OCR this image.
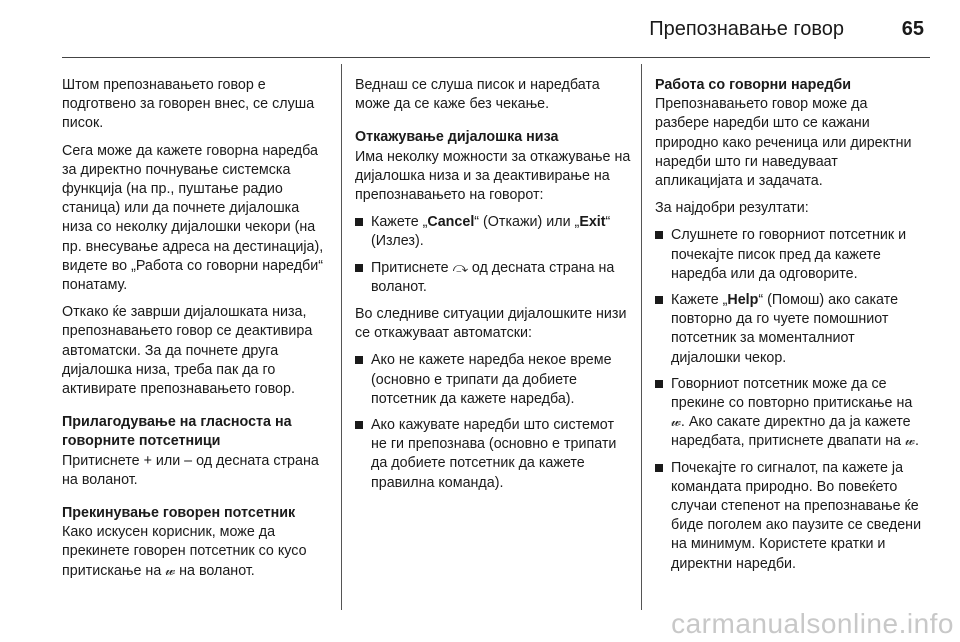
Препознавање говор	65

Штом препознавањето говор е подготвено за говорен внес, се слуша писок.

Сега може да кажете говорна наредба за директно почнување системска функција (на пр., пуштање радио станица) или да почнете дијалошка низа со неколку дијалошки чекори (на пр. внесување адреса на дестинација), видете во „Работа со говорни наредби“ понатаму.

Откако ќе заврши дијалошката низа, препознавањето говор се деактивира автоматски. За да почнете друга дијалошка низа, треба пак да го активирате препознавањето говор.

Прилагодување на гласноста на говорните потсетници

Притиснете + или – од десната страна на воланот.

Прекинување говорен потсетник

Како искусен корисник, може да прекинете говорен потсетник со кусо притискање на 𝓌 на воланот.

Веднаш се слуша писок и наредбата може да се каже без чекање.

Откажување дијалошка низа

Има неколку можности за откажување на дијалошка низа и за деактивирање на препознавањето на говорот:

Кажете „Cancel“ (Откажи) или „Exit“ (Излез).
Притиснете ⤼ од десната страна на воланот.

Во следниве ситуации дијалошките низи се откажуваат автоматски:

Ако не кажете наредба некое време (основно е трипати да добиете потсетник да кажете наредба).
Ако кажувате наредби што системот не ги препознава (основно е трипати да добиете потсетник да кажете правилна команда).

Работа со говорни наредби

Препознавањето говор може да разбере наредби што се кажани природно како реченица или директни наредби што ги наведуваат апликацијата и задачата.

За најдобри резултати:

Слушнете го говорниот потсетник и почекајте писок пред да кажете наредба или да одговорите.
Кажете „Help“ (Помош) ако сакате повторно да го чуете помошниот потсетник за моменталниот дијалошки чекор.
Говорниот потсетник може да се прекине со повторно притискање на 𝓌. Ако сакате директно да ја кажете наредбата, притиснете двапати на 𝓌.
Почекајте го сигналот, па кажете ја командата природно. Во повеќето случаи степенот на препознавање ќе биде поголем ако паузите се сведени на минимум. Користете кратки и директни наредби.
carmanualsonline.info
